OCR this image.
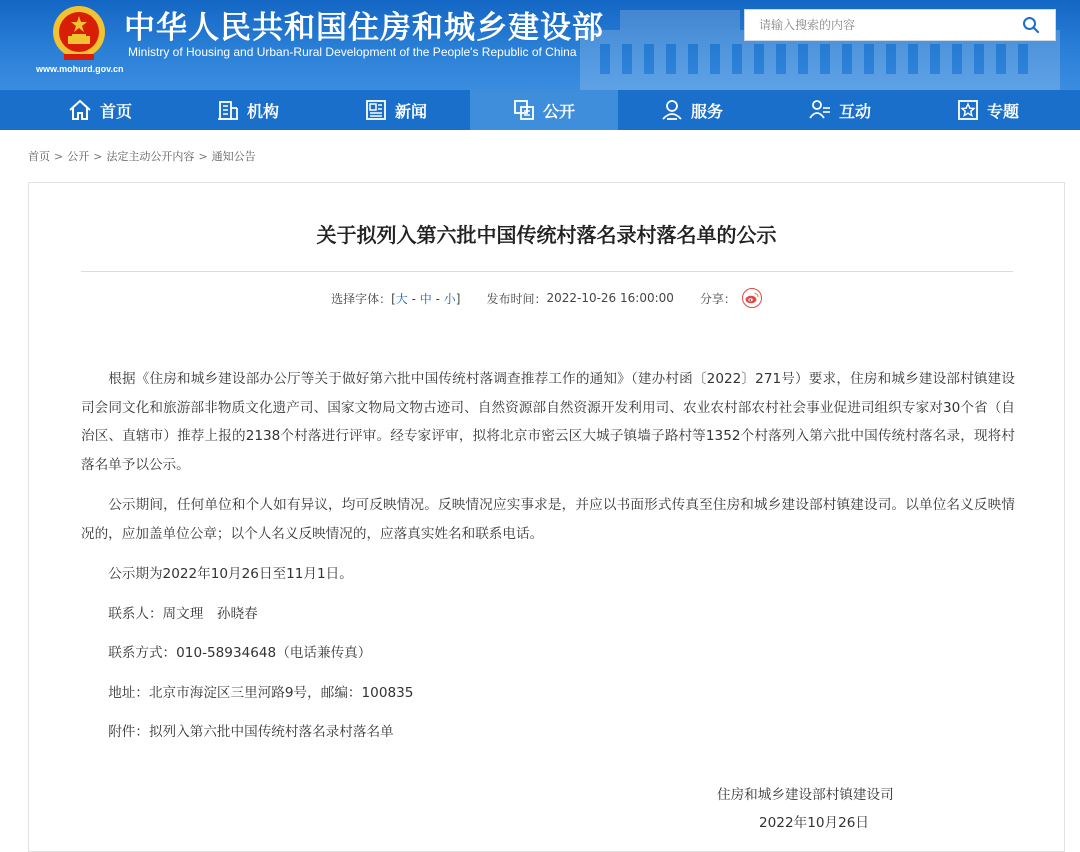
www.mohurd.gov.cn
中华人民共和国住房和城乡建设部
Ministry of Housing and Urban-Rural Development of the People's Republic of China
请输入搜索的内容
首页	机构	新闻	公开	服务	互动	专题
首页 > 公开 > 法定主动公开内容 > 通知公告
关于拟列入第六批中国传统村落名录村落名单的公示
选择字体：[大 - 中 - 小] 发布时间： 2022-10-26 16:00:00 分享：

根据《住房和城乡建设部办公厅等关于做好第六批中国传统村落调查推荐工作的通知》（建办村函〔2022〕271号）要求，住房和城乡建设部村镇建设司会同文化和旅游部非物质文化遗产司、国家文物局文物古迹司、自然资源部自然资源开发利用司、农业农村部农村社会事业促进司组织专家对30个省（自治区、直辖市）推荐上报的2138个村落进行评审。经专家评审，拟将北京市密云区大城子镇墙子路村等1352个村落列入第六批中国传统村落名录，现将村落名单予以公示。

公示期间，任何单位和个人如有异议，均可反映情况。反映情况应实事求是，并应以书面形式传真至住房和城乡建设部村镇建设司。以单位名义反映情况的，应加盖单位公章；以个人名义反映情况的，应落真实姓名和联系电话。

公示期为2022年10月26日至11月1日。

联系人：周文理　孙晓春

联系方式：010-58934648（电话兼传真）

地址：北京市海淀区三里河路9号，邮编：100835

附件：拟列入第六批中国传统村落名录村落名单

住房和城乡建设部村镇建设司
2022年10月26日
